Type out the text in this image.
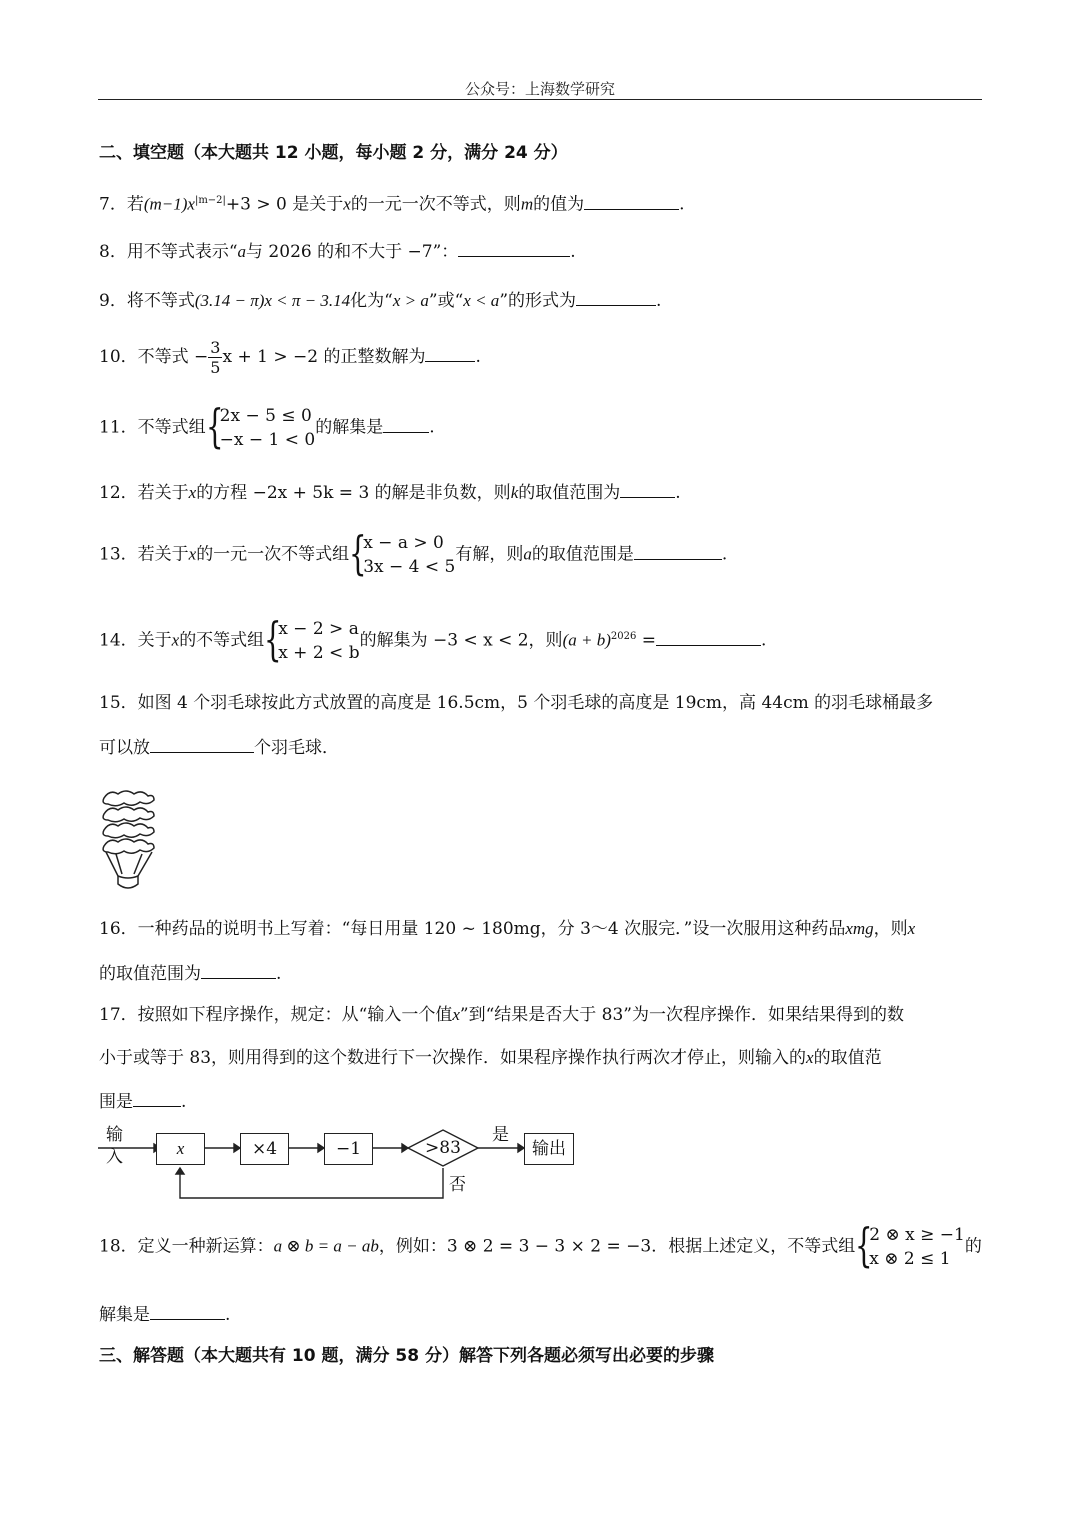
公众号：上海数学研究
二、填空题（本大题共 12 小题，每小题 2 分，满分 24 分）
7．若$(m-1)x^{|m-2|}+3 > 0$ 是关于x的一元一次不等式，则m的值为	.
8．用不等式表示“a与 2026 的和不大于 −7”：	.
9．将不等式(3.14 − π)x < π − 3.14化为“x > a”或“x < a”的形式为	.
10．不等式 − $\frac{3}{5}$ x + 1 > −2 的正整数解为	.
11．不等式组 {
2x − 5 ≤ 0
−x − 1 < 0
的解集是	.
12．若关于x的方程 −2x + 5k = 3 的解是非负数，则k的取值范围为	.
13．若关于x的一元一次不等式组 {
x − a > 0
3x − 4 < 5
有解，则a的取值范围是	.
14．关于x的不等式组 {
x − 2 > a
x + 2 < b
的解集为 −3 < x < 2，则$(a + b)^{2026}$ =	.
15．如图 4 个羽毛球按此方式放置的高度是 16.5cm，5 个羽毛球的高度是 19cm，高 44cm 的羽毛球桶最多
可以放	个羽毛球．
16．一种药品的说明书上写着：“每日用量 120 ~ 180mg，分 3～4 次服完．”设一次服用这种药品xmg，则x
的取值范围为	.
17．按照如下程序操作，规定：从“输入一个值x”到“结果是否大于 83”为一次程序操作．如果结果得到的数
小于或等于 83，则用得到的这个数进行下一次操作．如果程序操作执行两次才停止，则输入的x的取值范
围是	.
输入	x	×4	−1	>83
是
否
输出
18．定义一种新运算：a ⊗ b = a − ab，例如：3 ⊗ 2 = 3 − 3 × 2 = −3．根据上述定义，不等式组 {
2 ⊗ x ≥ −1
x ⊗ 2 ≤ 1
的
解集是	.
三、解答题（本大题共有 10 题，满分 58 分）解答下列各题必须写出必要的步骤
